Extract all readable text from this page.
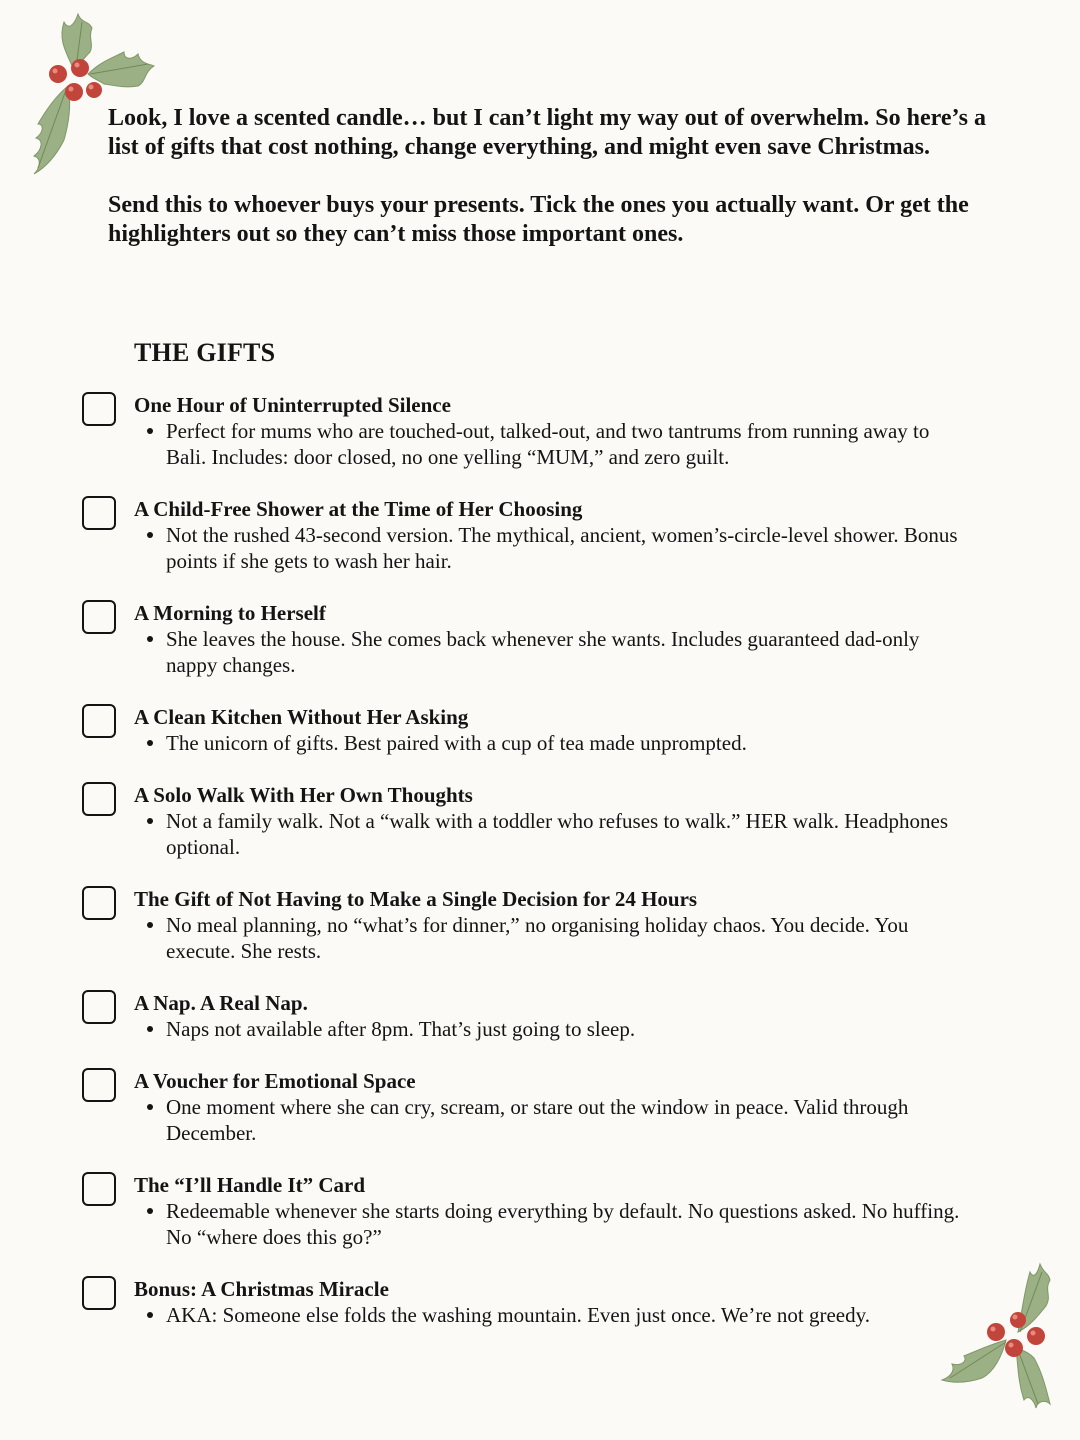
Look, I love a scented candle… but I can’t light my way out of overwhelm. So here’s a list of gifts that cost nothing, change everything, and might even save Christmas.

Send this to whoever buys your presents. Tick the ones you actually want. Or get the highlighters out so they can’t miss those important ones.

THE GIFTS
One Hour of Uninterrupted Silence

Perfect for mums who are touched-out, talked-out, and two tantrums from running away to Bali. Includes: door closed, no one yelling “MUM,” and zero guilt.

A Child-Free Shower at the Time of Her Choosing

Not the rushed 43-second version. The mythical, ancient, women’s-circle-level shower. Bonus points if she gets to wash her hair.

A Morning to Herself

She leaves the house. She comes back whenever she wants. Includes guaranteed dad-only nappy changes.

A Clean Kitchen Without Her Asking

The unicorn of gifts. Best paired with a cup of tea made unprompted.

A Solo Walk With Her Own Thoughts

Not a family walk. Not a “walk with a toddler who refuses to walk.” HER walk. Headphones optional.

The Gift of Not Having to Make a Single Decision for 24 Hours

No meal planning, no “what’s for dinner,” no organising holiday chaos. You decide. You execute. She rests.

A Nap. A Real Nap.

Naps not available after 8pm. That’s just going to sleep.

A Voucher for Emotional Space

One moment where she can cry, scream, or stare out the window in peace. Valid through December.

The “I’ll Handle It” Card

Redeemable whenever she starts doing everything by default. No questions asked. No huffing. No “where does this go?”

Bonus: A Christmas Miracle

AKA: Someone else folds the washing mountain. Even just once. We’re not greedy.
